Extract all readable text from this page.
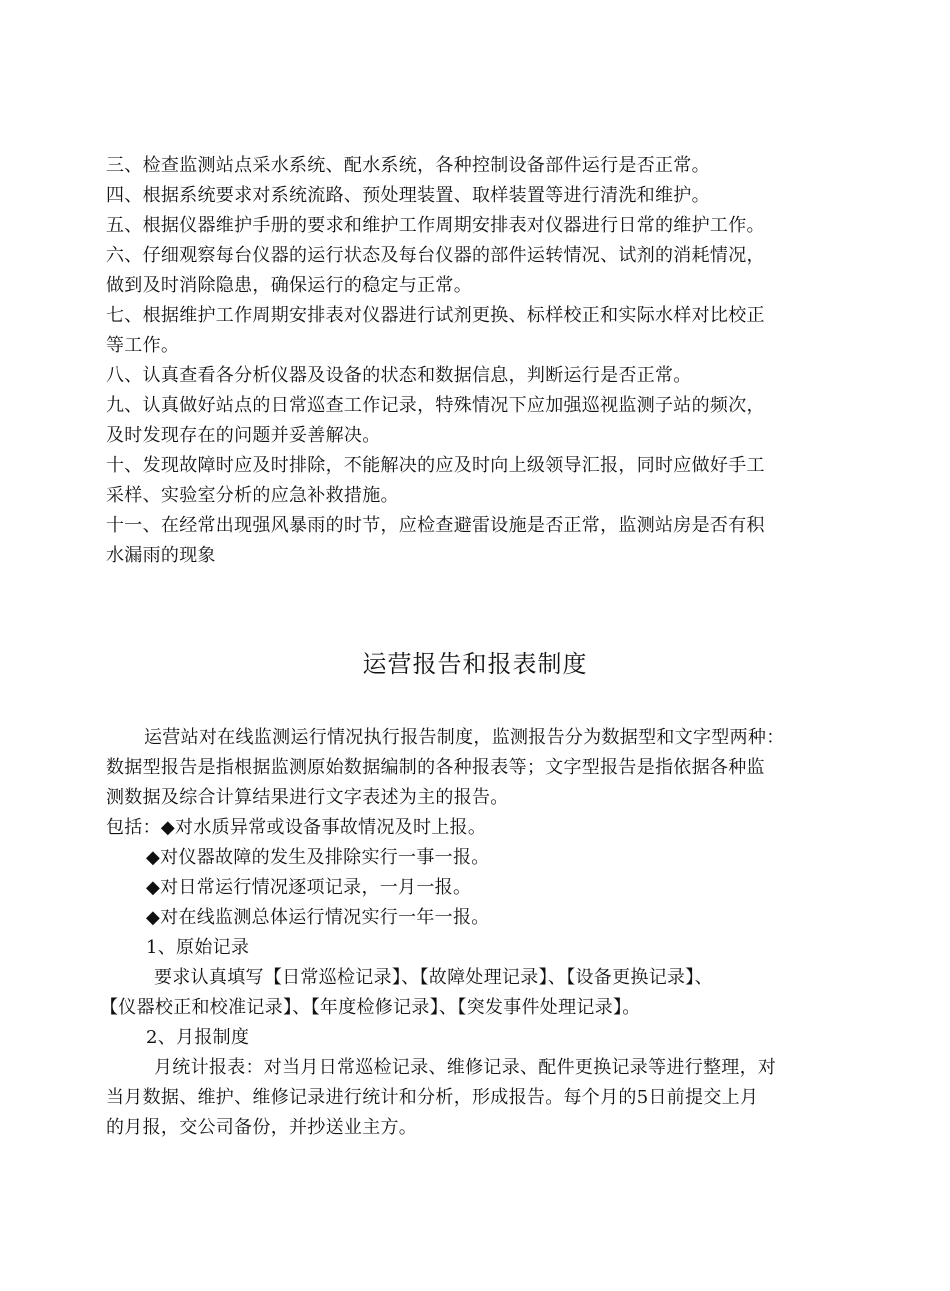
三、检查监测站点采水系统、配水系统，各种控制设备部件运行是否正常。
四、根据系统要求对系统流路、预处理装置、取样装置等进行清洗和维护。
五、根据仪器维护手册的要求和维护工作周期安排表对仪器进行日常的维护工作。
六、仔细观察每台仪器的运行状态及每台仪器的部件运转情况、试剂的消耗情况，
做到及时消除隐患，确保运行的稳定与正常。
七、根据维护工作周期安排表对仪器进行试剂更换、标样校正和实际水样对比校正
等工作。
八、认真查看各分析仪器及设备的状态和数据信息，判断运行是否正常。
九、认真做好站点的日常巡查工作记录，特殊情况下应加强巡视监测子站的频次，
及时发现存在的问题并妥善解决。
十、发现故障时应及时排除，不能解决的应及时向上级领导汇报，同时应做好手工
采样、实验室分析的应急补救措施。
十一、在经常出现强风暴雨的时节，应检查避雷设施是否正常，监测站房是否有积
水漏雨的现象
运营报告和报表制度
运营站对在线监测运行情况执行报告制度，监测报告分为数据型和文字型两种：
数据型报告是指根据监测原始数据编制的各种报表等；文字型报告是指依据各种监
测数据及综合计算结果进行文字表述为主的报告。
包括：◆对水质异常或设备事故情况及时上报。
◆对仪器故障的发生及排除实行一事一报。
◆对日常运行情况逐项记录，一月一报。
◆对在线监测总体运行情况实行一年一报。
1、原始记录
要求认真填写【日常巡检记录】、【故障处理记录】、【设备更换记录】、
【仪器校正和校准记录】、【年度检修记录】、【突发事件处理记录】。
2、月报制度
月统计报表：对当月日常巡检记录、维修记录、配件更换记录等进行整理，对
当月数据、维护、维修记录进行统计和分析，形成报告。每个月的5日前提交上月
的月报，交公司备份，并抄送业主方。
